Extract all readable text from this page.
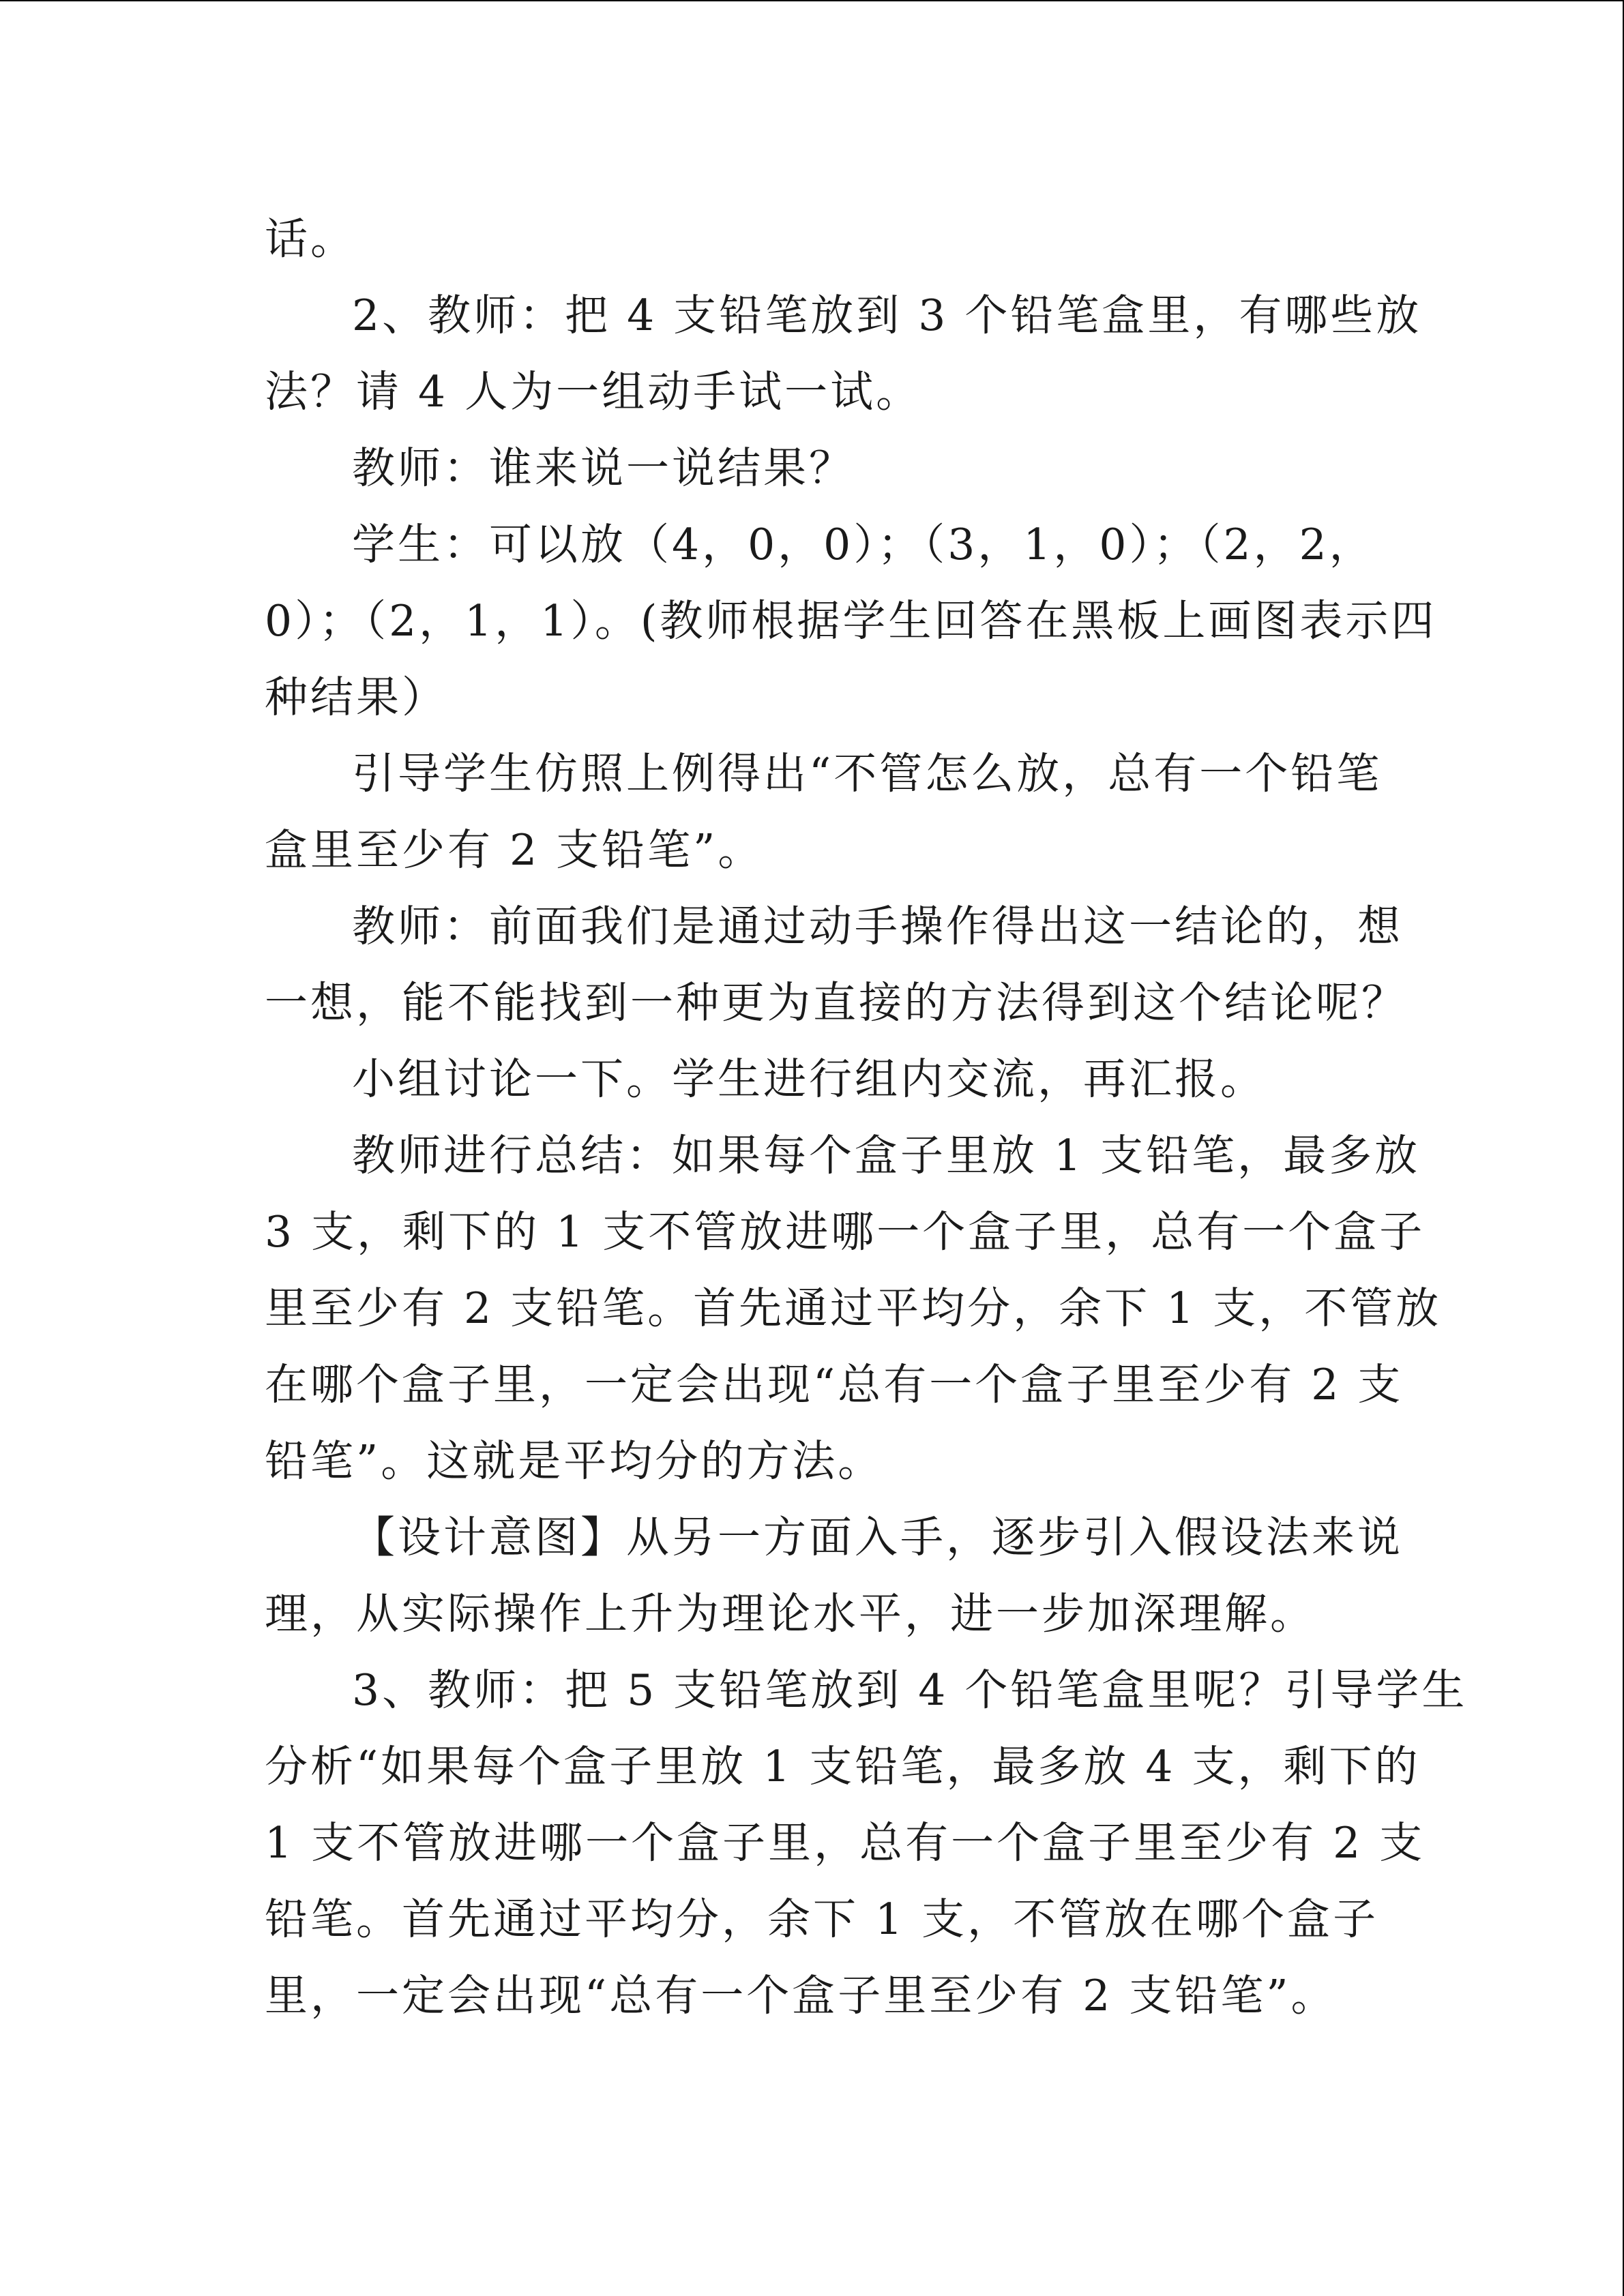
话。
2、教师：把 4 支铅笔放到 3 个铅笔盒里，有哪些放
法？请 4 人为一组动手试一试。
教师：谁来说一说结果？
学生：可以放（4，0，0）；（3，1，0）；（2，2，
0）；（2，1，1）。(教师根据学生回答在黑板上画图表示四
种结果）
引导学生仿照上例得出“不管怎么放，总有一个铅笔
盒里至少有 2 支铅笔”。
教师：前面我们是通过动手操作得出这一结论的，想
一想，能不能找到一种更为直接的方法得到这个结论呢？
小组讨论一下。学生进行组内交流，再汇报。
教师进行总结：如果每个盒子里放 1 支铅笔，最多放
3 支，剩下的 1 支不管放进哪一个盒子里，总有一个盒子
里至少有 2 支铅笔。首先通过平均分，余下 1 支，不管放
在哪个盒子里，一定会出现“总有一个盒子里至少有 2 支
铅笔”。这就是平均分的方法。
【设计意图】从另一方面入手，逐步引入假设法来说
理，从实际操作上升为理论水平，进一步加深理解。
3、教师：把 5 支铅笔放到 4 个铅笔盒里呢？引导学生
分析“如果每个盒子里放 1 支铅笔，最多放 4 支，剩下的
1 支不管放进哪一个盒子里，总有一个盒子里至少有 2 支
铅笔。首先通过平均分，余下 1 支，不管放在哪个盒子
里，一定会出现“总有一个盒子里至少有 2 支铅笔”。
